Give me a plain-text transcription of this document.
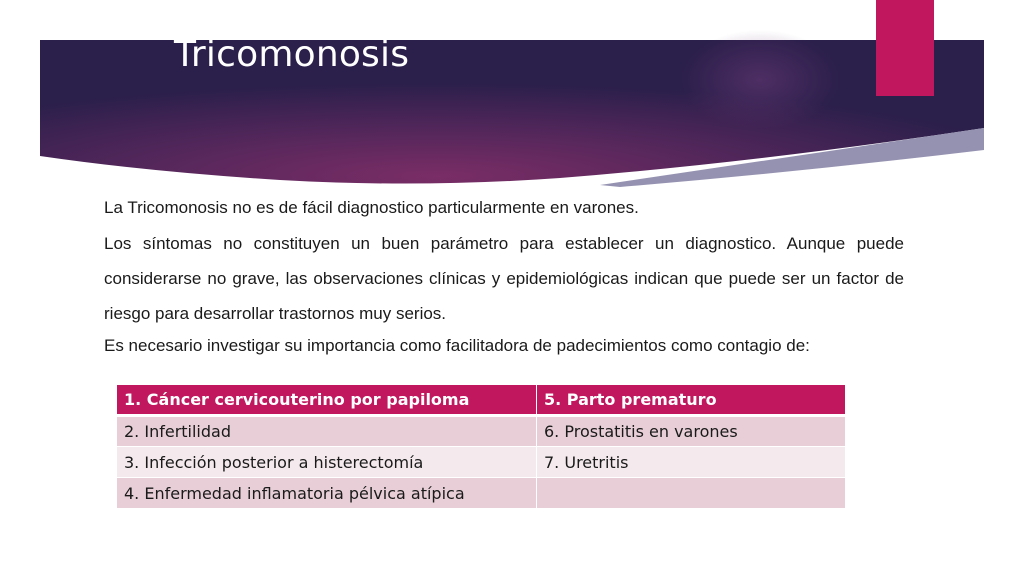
Tricomonosis

La Tricomonosis no es de fácil diagnostico particularmente en varones.

Los síntomas no constituyen un buen parámetro para establecer un diagnostico. Aunque puede considerarse no grave, las observaciones clínicas y epidemiológicas indican que puede ser un factor de riesgo para desarrollar trastornos muy serios.

Es necesario investigar su importancia como facilitadora de padecimientos como contagio de:

1. Cáncer cervicouterino por papiloma	5. Parto prematuro
2. Infertilidad	6. Prostatitis en varones
3. Infección posterior a histerectomía	7. Uretritis
4. Enfermedad inflamatoria pélvica atípica	
